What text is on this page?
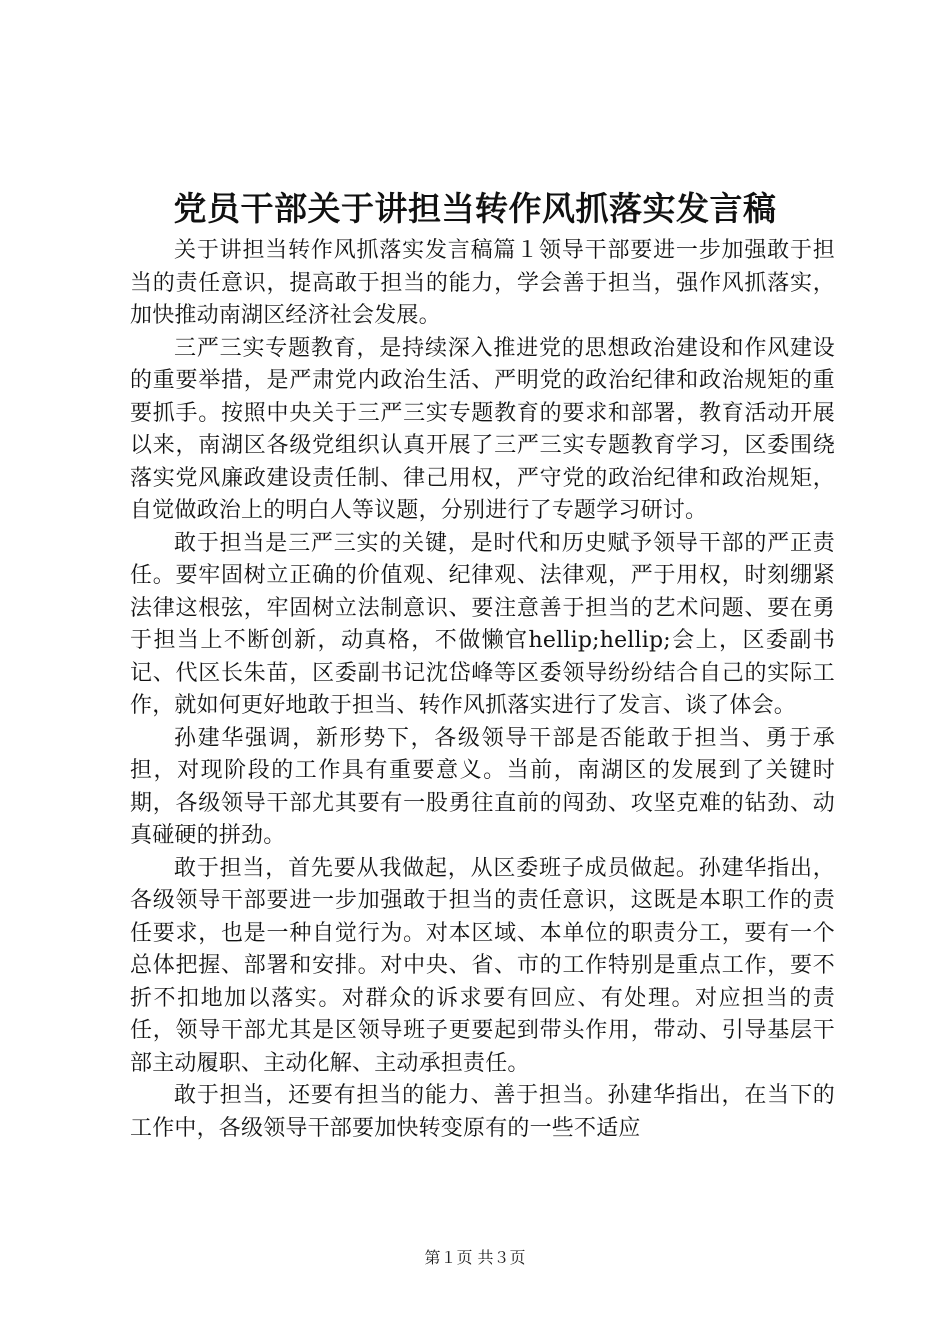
党员干部关于讲担当转作风抓落实发言稿

关于讲担当转作风抓落实发言稿篇１领导干部要进一步加强敢于担当的责任意识，提高敢于担当的能力，学会善于担当，强作风抓落实，加快推动南湖区经济社会发展。

三严三实专题教育，是持续深入推进党的思想政治建设和作风建设的重要举措，是严肃党内政治生活、严明党的政治纪律和政治规矩的重要抓手。按照中央关于三严三实专题教育的要求和部署，教育活动开展以来，南湖区各级党组织认真开展了三严三实专题教育学习，区委围绕落实党风廉政建设责任制、律己用权，严守党的政治纪律和政治规矩，自觉做政治上的明白人等议题，分别进行了专题学习研讨。

敢于担当是三严三实的关键，是时代和历史赋予领导干部的严正责任。要牢固树立正确的价值观、纪律观、法律观，严于用权，时刻绷紧法律这根弦，牢固树立法制意识、要注意善于担当的艺术问题、要在勇于担当上不断创新，动真格，不做懒官hellip;hellip;会上，区委副书记、代区长朱苗，区委副书记沈岱峰等区委领导纷纷结合自己的实际工作，就如何更好地敢于担当、转作风抓落实进行了发言、谈了体会。

孙建华强调，新形势下，各级领导干部是否能敢于担当、勇于承担，对现阶段的工作具有重要意义。当前，南湖区的发展到了关键时期，各级领导干部尤其要有一股勇往直前的闯劲、攻坚克难的钻劲、动真碰硬的拼劲。

敢于担当，首先要从我做起，从区委班子成员做起。孙建华指出，各级领导干部要进一步加强敢于担当的责任意识，这既是本职工作的责任要求，也是一种自觉行为。对本区域、本单位的职责分工，要有一个总体把握、部署和安排。对中央、省、市的工作特别是重点工作，要不折不扣地加以落实。对群众的诉求要有回应、有处理。对应担当的责任，领导干部尤其是区领导班子更要起到带头作用，带动、引导基层干部主动履职、主动化解、主动承担责任。

敢于担当，还要有担当的能力、善于担当。孙建华指出，在当下的工作中，各级领导干部要加快转变原有的一些不适应

第１页 共３页
